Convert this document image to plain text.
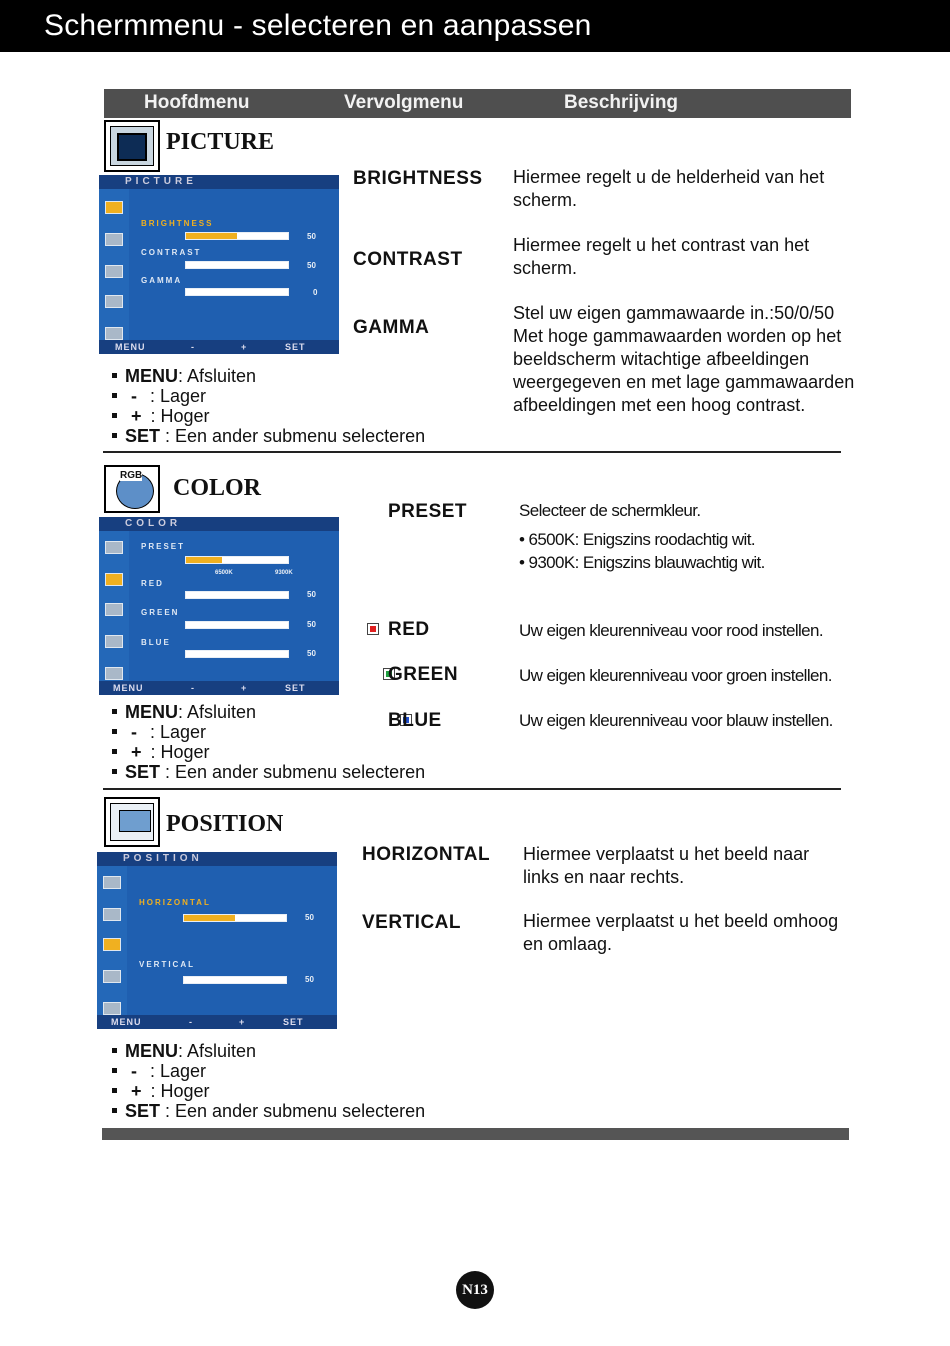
Schermmenu - selecteren en aanpassen
Hoofdmenu	Vervolgmenu	Beschrijving
PICTURE
PICTURE
BRIGHTNESS
50
CONTRAST
50
GAMMA
0
MENU	-	+	SET
MENU: Afsluiten
- : Lager
+ : Hoger
SET : Een ander submenu selecteren
BRIGHTNESS Hiermee regelt u de helderheid van het scherm.
CONTRAST
Hiermee regelt u het contrast van het scherm.
GAMMA
Stel uw eigen gammawaarde in.:50/0/50 Met hoge gammawaarden worden op het beeldscherm witachtige afbeeldingen weergegeven en met lage gammawaarden afbeeldingen met een hoog contrast.
RGB COLOR
COLOR
PRESET
6500K	9300K
RED
50
GREEN
50
BLUE
50
MENU	-	+	SET
MENU: Afsluiten
- : Lager
+ : Hoger
SET : Een ander submenu selecteren
PRESET	Selecteer de schermkleur.
• 6500K: Enigszins roodachtig wit.
• 9300K: Enigszins blauwachtig wit.

RED	Uw eigen kleurenniveau voor rood instellen.

GREEN	Uw eigen kleurenniveau voor groen instellen.
BLUE	Uw eigen kleurenniveau voor blauw instellen.
POSITION
POSITION
HORIZONTAL
50
VERTICAL
50
MENU	-	+	SET
MENU: Afsluiten
- : Lager
+ : Hoger
SET : Een ander submenu selecteren
HORIZONTAL Hiermee verplaatst u het beeld naar links en naar rechts.
VERTICAL	Hiermee verplaatst u het beeld omhoog en omlaag.
N13
